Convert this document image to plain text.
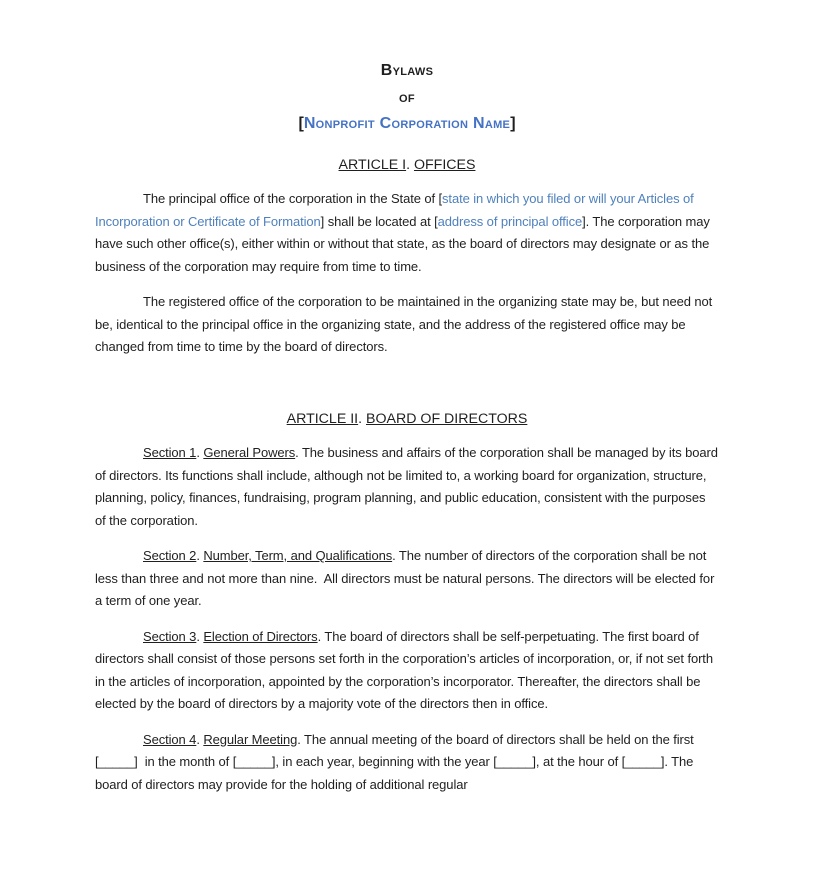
Bylaws
of
[Nonprofit Corporation Name]
ARTICLE I. OFFICES

The principal office of the corporation in the State of [state in which you filed or will your Articles of Incorporation or Certificate of Formation] shall be located at [address of principal office]. The corporation may have such other office(s), either within or without that state, as the board of directors may designate or as the business of the corporation may require from time to time.

The registered office of the corporation to be maintained in the organizing state may be, but need not be, identical to the principal office in the organizing state, and the address of the registered office may be changed from time to time by the board of directors.

ARTICLE II. BOARD OF DIRECTORS

Section 1. General Powers. The business and affairs of the corporation shall be managed by its board of directors. Its functions shall include, although not be limited to, a working board for organization, structure, planning, policy, finances, fundraising, program planning, and public education, consistent with the purposes of the corporation.

Section 2. Number, Term, and Qualifications. The number of directors of the corporation shall be not less than three and not more than nine.  All directors must be natural persons. The directors will be elected for a term of one year.

Section 3. Election of Directors. The board of directors shall be self-perpetuating. The first board of directors shall consist of those persons set forth in the corporation’s articles of incorporation, or, if not set forth in the articles of incorporation, appointed by the corporation’s incorporator. Thereafter, the directors shall be elected by the board of directors by a majority vote of the directors then in office.

Section 4. Regular Meeting. The annual meeting of the board of directors shall be held on the first [_____]  in the month of [_____], in each year, beginning with the year [_____], at the hour of [_____]. The board of directors may provide for the holding of additional regular
